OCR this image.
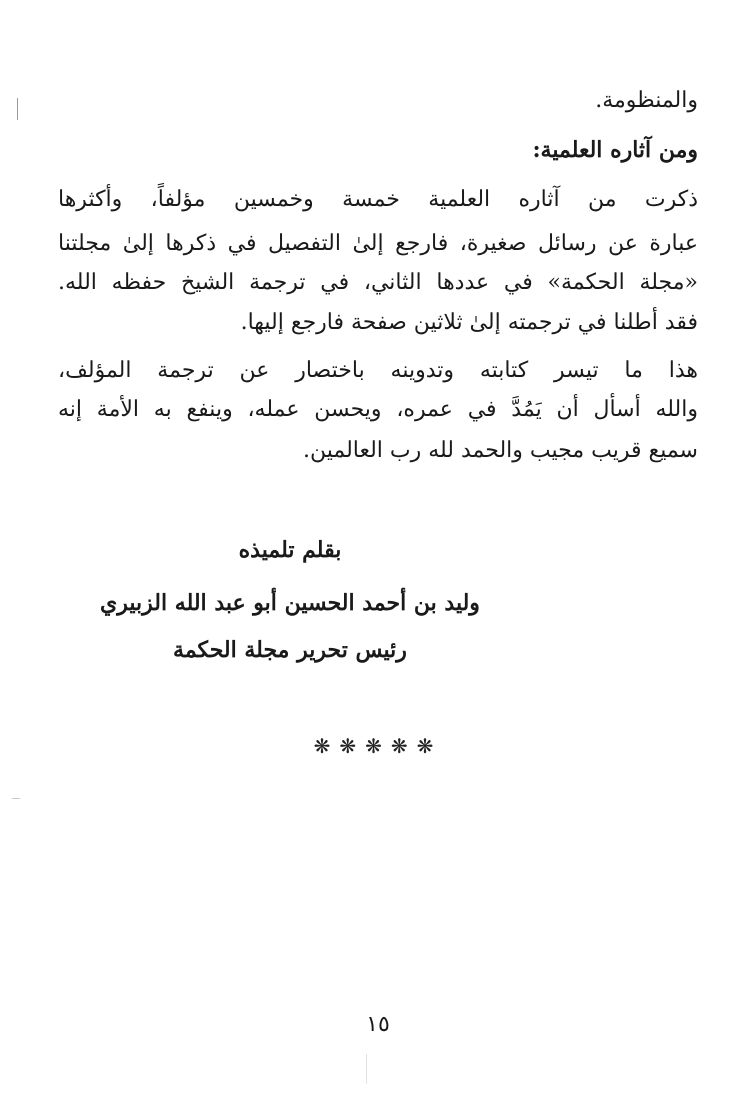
والمنظومة.
ومن آثاره العلمية:
ذكرت من آثاره العلمية خمسة وخمسين مؤلفاً، وأكثرها
عبارة عن رسائل صغيرة، فارجع إلىٰ التفصيل في ذكرها إلىٰ مجلتنا
«مجلة الحكمة» في عددها الثاني، في ترجمة الشيخ حفظه الله.
فقد أطلنا في ترجمته إلىٰ ثلاثين صفحة فارجع إليها.
هذا ما تيسر كتابته وتدوينه باختصار عن ترجمة المؤلف،
والله أسأل أن يَمُدَّ في عمره، ويحسن عمله، وينفع به الأمة إنه
سميع قريب مجيب والحمد لله رب العالمين.
بقلم تلميذه
وليد بن أحمد الحسين أبو عبد الله الزبيري
رئيس تحرير مجلة الحكمة
❋❋❋❋❋
١٥
